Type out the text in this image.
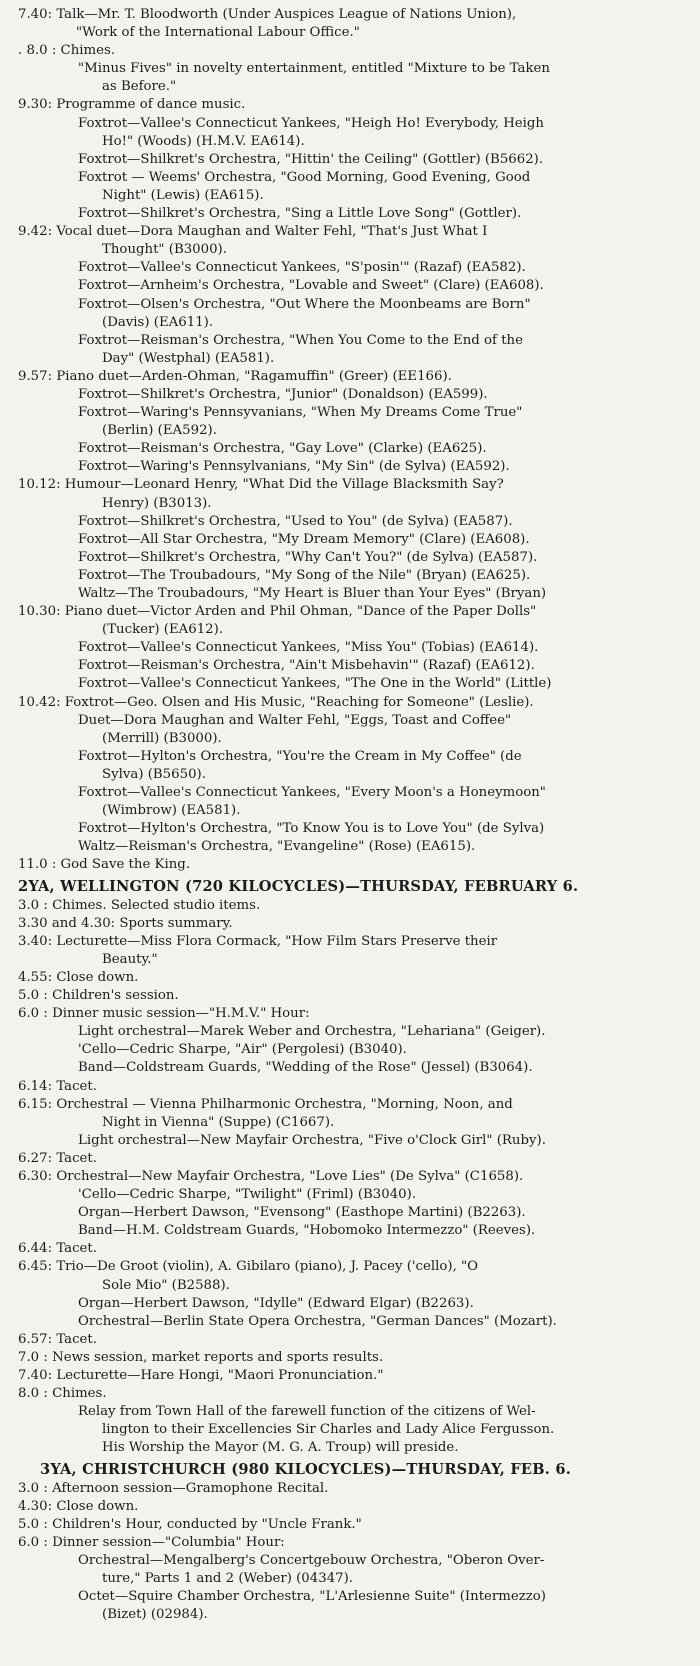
7.40: Talk—Mr. T. Bloodworth (Under Auspices League of Nations Union),
"Work of the International Labour Office."
. 8.0 : Chimes.
"Minus Fives" in novelty entertainment, entitled "Mixture to be Taken
as Before."
9.30: Programme of dance music.
Foxtrot—Vallee's Connecticut Yankees, "Heigh Ho! Everybody, Heigh
Ho!" (Woods) (H.M.V. EA614).
Foxtrot—Shilkret's Orchestra, "Hittin' the Ceiling" (Gottler) (B5662).
Foxtrot — Weems' Orchestra, "Good Morning, Good Evening, Good
Night" (Lewis) (EA615).
Foxtrot—Shilkret's Orchestra, "Sing a Little Love Song" (Gottler).
9.42: Vocal duet—Dora Maughan and Walter Fehl, "That's Just What I
Thought" (B3000).
Foxtrot—Vallee's Connecticut Yankees, "S'posin'" (Razaf) (EA582).
Foxtrot—Arnheim's Orchestra, "Lovable and Sweet" (Clare) (EA608).
Foxtrot—Olsen's Orchestra, "Out Where the Moonbeams are Born"
(Davis) (EA611).
Foxtrot—Reisman's Orchestra, "When You Come to the End of the
Day" (Westphal) (EA581).
9.57: Piano duet—Arden-Ohman, "Ragamuffin" (Greer) (EE166).
Foxtrot—Shilkret's Orchestra, "Junior" (Donaldson) (EA599).
Foxtrot—Waring's Pennsyvanians, "When My Dreams Come True"
(Berlin) (EA592).
Foxtrot—Reisman's Orchestra, "Gay Love" (Clarke) (EA625).
Foxtrot—Waring's Pennsylvanians, "My Sin" (de Sylva) (EA592).
10.12: Humour—Leonard Henry, "What Did the Village Blacksmith Say?
Henry) (B3013).
Foxtrot—Shilkret's Orchestra, "Used to You" (de Sylva) (EA587).
Foxtrot—All Star Orchestra, "My Dream Memory" (Clare) (EA608).
Foxtrot—Shilkret's Orchestra, "Why Can't You?" (de Sylva) (EA587).
Foxtrot—The Troubadours, "My Song of the Nile" (Bryan) (EA625).
Waltz—The Troubadours, "My Heart is Bluer than Your Eyes" (Bryan)
10.30: Piano duet—Victor Arden and Phil Ohman, "Dance of the Paper Dolls"
(Tucker) (EA612).
Foxtrot—Vallee's Connecticut Yankees, "Miss You" (Tobias) (EA614).
Foxtrot—Reisman's Orchestra, "Ain't Misbehavin'" (Razaf) (EA612).
Foxtrot—Vallee's Connecticut Yankees, "The One in the World" (Little)
10.42: Foxtrot—Geo. Olsen and His Music, "Reaching for Someone" (Leslie).
Duet—Dora Maughan and Walter Fehl, "Eggs, Toast and Coffee"
(Merrill) (B3000).
Foxtrot—Hylton's Orchestra, "You're the Cream in My Coffee" (de
Sylva) (B5650).
Foxtrot—Vallee's Connecticut Yankees, "Every Moon's a Honeymoon"
(Wimbrow) (EA581).
Foxtrot—Hylton's Orchestra, "To Know You is to Love You" (de Sylva)
Waltz—Reisman's Orchestra, "Evangeline" (Rose) (EA615).
11.0 : God Save the King.
2YA, WELLINGTON (720 KILOCYCLES)—THURSDAY, FEBRUARY 6.
3.0 : Chimes. Selected studio items.
3.30 and 4.30: Sports summary.
3.40: Lecturette—Miss Flora Cormack, "How Film Stars Preserve their
Beauty."
4.55: Close down.
5.0 : Children's session.
6.0 : Dinner music session—"H.M.V." Hour:
Light orchestral—Marek Weber and Orchestra, "Lehariana" (Geiger).
'Cello—Cedric Sharpe, "Air" (Pergolesi) (B3040).
Band—Coldstream Guards, "Wedding of the Rose" (Jessel) (B3064).
6.14: Tacet.
6.15: Orchestral — Vienna Philharmonic Orchestra, "Morning, Noon, and
Night in Vienna" (Suppe) (C1667).
Light orchestral—New Mayfair Orchestra, "Five o'Clock Girl" (Ruby).
6.27: Tacet.
6.30: Orchestral—New Mayfair Orchestra, "Love Lies" (De Sylva" (C1658).
'Cello—Cedric Sharpe, "Twilight" (Friml) (B3040).
Organ—Herbert Dawson, "Evensong" (Easthope Martini) (B2263).
Band—H.M. Coldstream Guards, "Hobomoko Intermezzo" (Reeves).
6.44: Tacet.
6.45: Trio—De Groot (violin), A. Gibilaro (piano), J. Pacey ('cello), "O
Sole Mio" (B2588).
Organ—Herbert Dawson, "Idylle" (Edward Elgar) (B2263).
Orchestral—Berlin State Opera Orchestra, "German Dances" (Mozart).
6.57: Tacet.
7.0 : News session, market reports and sports results.
7.40: Lecturette—Hare Hongi, "Maori Pronunciation."
8.0 : Chimes.
Relay from Town Hall of the farewell function of the citizens of Wel-
lington to their Excellencies Sir Charles and Lady Alice Fergusson.
His Worship the Mayor (M. G. A. Troup) will preside.
3YA, CHRISTCHURCH (980 KILOCYCLES)—THURSDAY, FEB. 6.
3.0 : Afternoon session—Gramophone Recital.
4.30: Close down.
5.0 : Children's Hour, conducted by "Uncle Frank."
6.0 : Dinner session—"Columbia" Hour:
Orchestral—Mengalberg's Concertgebouw Orchestra, "Oberon Over-
ture," Parts 1 and 2 (Weber) (04347).
Octet—Squire Chamber Orchestra, "L'Arlesienne Suite" (Intermezzo)
(Bizet) (02984).
